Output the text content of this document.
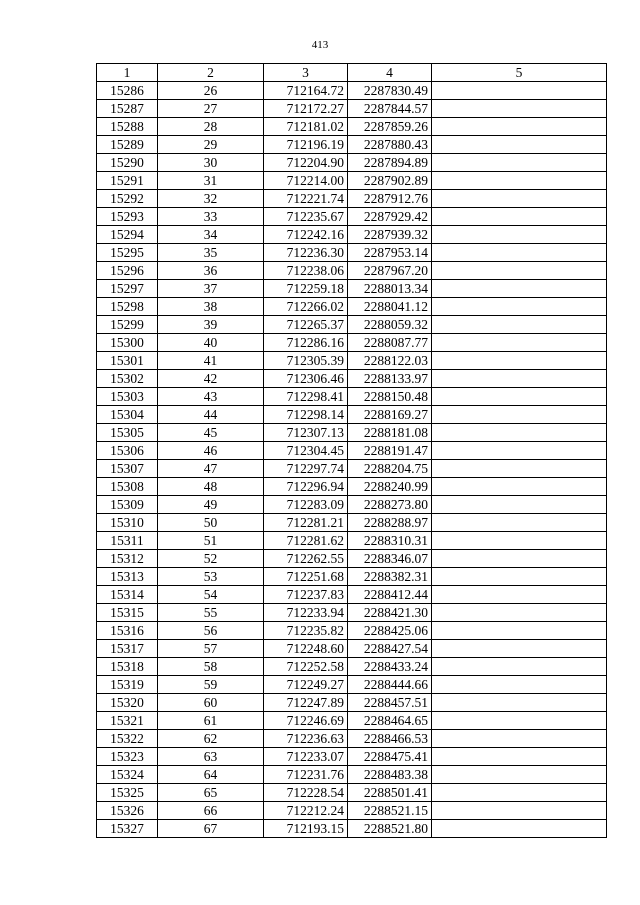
413
1	2	3	4	5
15286	26	712164.72	2287830.49	
15287	27	712172.27	2287844.57	
15288	28	712181.02	2287859.26	
15289	29	712196.19	2287880.43	
15290	30	712204.90	2287894.89	
15291	31	712214.00	2287902.89	
15292	32	712221.74	2287912.76	
15293	33	712235.67	2287929.42	
15294	34	712242.16	2287939.32	
15295	35	712236.30	2287953.14	
15296	36	712238.06	2287967.20	
15297	37	712259.18	2288013.34	
15298	38	712266.02	2288041.12	
15299	39	712265.37	2288059.32	
15300	40	712286.16	2288087.77	
15301	41	712305.39	2288122.03	
15302	42	712306.46	2288133.97	
15303	43	712298.41	2288150.48	
15304	44	712298.14	2288169.27	
15305	45	712307.13	2288181.08	
15306	46	712304.45	2288191.47	
15307	47	712297.74	2288204.75	
15308	48	712296.94	2288240.99	
15309	49	712283.09	2288273.80	
15310	50	712281.21	2288288.97	
15311	51	712281.62	2288310.31	
15312	52	712262.55	2288346.07	
15313	53	712251.68	2288382.31	
15314	54	712237.83	2288412.44	
15315	55	712233.94	2288421.30	
15316	56	712235.82	2288425.06	
15317	57	712248.60	2288427.54	
15318	58	712252.58	2288433.24	
15319	59	712249.27	2288444.66	
15320	60	712247.89	2288457.51	
15321	61	712246.69	2288464.65	
15322	62	712236.63	2288466.53	
15323	63	712233.07	2288475.41	
15324	64	712231.76	2288483.38	
15325	65	712228.54	2288501.41	
15326	66	712212.24	2288521.15	
15327	67	712193.15	2288521.80	
